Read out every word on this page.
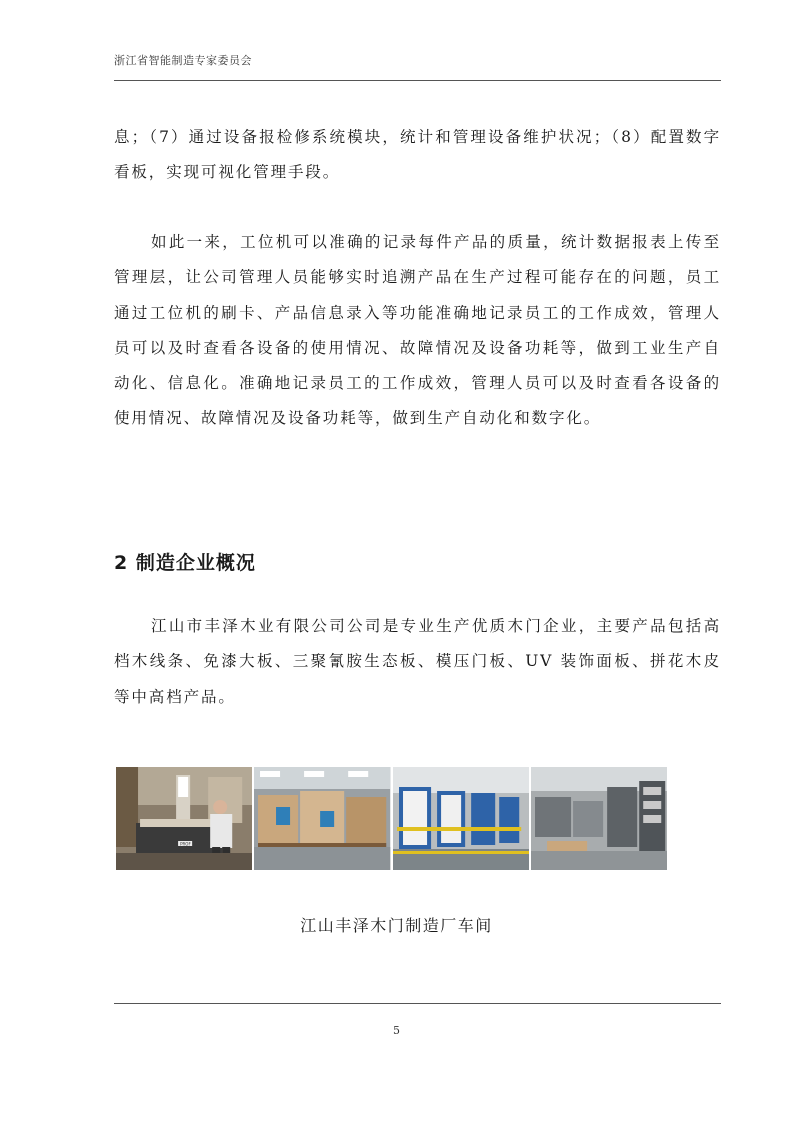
浙江省智能制造专家委员会

息；（7）通过设备报检修系统模块，统计和管理设备维护状况；（8）配置数字看板，实现可视化管理手段。

如此一来，工位机可以准确的记录每件产品的质量，统计数据报表上传至管理层，让公司管理人员能够实时追溯产品在生产过程可能存在的问题，员工通过工位机的刷卡、产品信息录入等功能准确地记录员工的工作成效，管理人员可以及时查看各设备的使用情况、故障情况及设备功耗等，做到工业生产自动化、信息化。准确地记录员工的工作成效，管理人员可以及时查看各设备的使用情况、故障情况及设备功耗等，做到生产自动化和数字化。

2 制造企业概况

江山市丰泽木业有限公司公司是专业生产优质木门企业，主要产品包括高档木线条、免漆大板、三聚氰胺生态板、模压门板、UV 装饰面板、拼花木皮等中高档产品。

PROF
江山丰泽木门制造厂车间
5
